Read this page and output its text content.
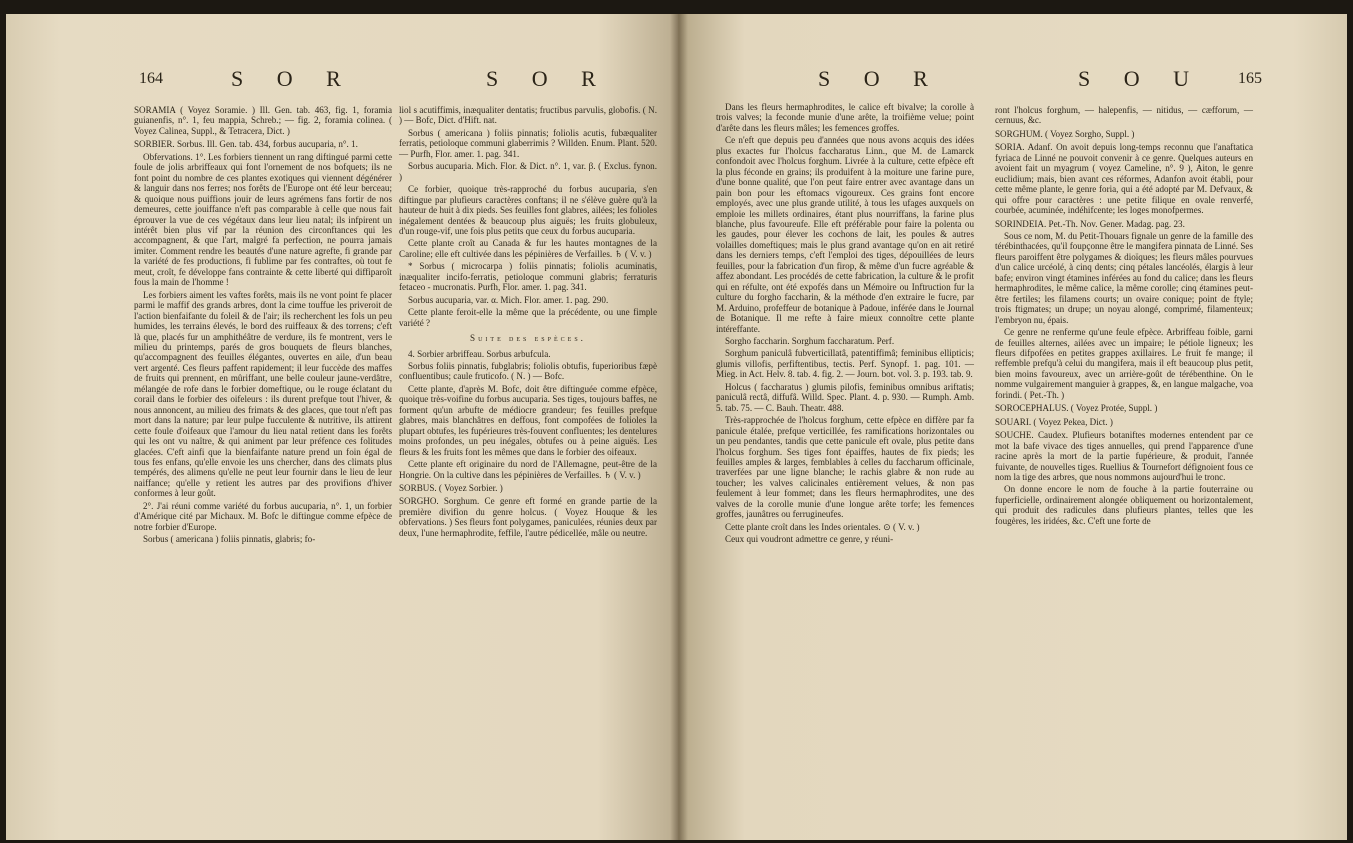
164	S O R	S O R

SORAMIA ( Voyez Soramie. ) Ill. Gen. tab. 463, fig. 1, foramia guianenfis, n°. 1, feu mappia, Schreb.; — fig. 2, foramia colinea. ( Voyez Calinea, Suppl., & Tetracera, Dict. )

SORBIER. Sorbus. Ill. Gen. tab. 434, forbus aucuparia, n°. 1.

Obfervations. 1°. Les forbiers tiennent un rang diftingué parmi cette foule de jolis arbriffeaux qui font l'ornement de nos bofquets; ils ne font point du nombre de ces plantes exotiques qui viennent dégénérer & languir dans nos ferres; nos forêts de l'Europe ont été leur berceau; & quoique nous puiffions jouir de leurs agrémens fans fortir de nos demeures, cette jouiffance n'eft pas comparable à celle que nous fait éprouver la vue de ces végétaux dans leur lieu natal; ils infpirent un intérêt bien plus vif par la réunion des circonftances qui les accompagnent, & que l'art, malgré fa perfection, ne pourra jamais imiter. Comment rendre les beautés d'une nature agrefte, fi grande par la variété de fes productions, fi fublime par fes contraftes, où tout fe meut, croît, fe développe fans contrainte & cette liberté qui diffiparoît fous la main de l'homme !

Les forbiers aiment les vaftes forêts, mais ils ne vont point fe placer parmi le maffif des grands arbres, dont la cime touffue les priveroit de l'action bienfaifante du foleil & de l'air; ils recherchent les fols un peu humides, les terrains élevés, le bord des ruiffeaux & des torrens; c'eft là que, placés fur un amphithéâtre de verdure, ils fe montrent, vers le milieu du printemps, parés de gros bouquets de fleurs blanches, qu'accompagnent des feuilles élégantes, ouvertes en aile, d'un beau vert argenté. Ces fleurs paffent rapidement; il leur fuccède des maffes de fruits qui prennent, en mûriffant, une belle couleur jaune-verdâtre, mélangée de rofe dans le forbier domeftique, ou le rouge éclatant du corail dans le forbier des oifeleurs : ils durent prefque tout l'hiver, & nous annoncent, au milieu des frimats & des glaces, que tout n'eft pas mort dans la nature; par leur pulpe fucculente & nutritive, ils attirent cette foule d'oifeaux que l'amour du lieu natal retient dans les forêts qui les ont vu naître, & qui animent par leur préfence ces folitudes glacées. C'eft ainfi que la bienfaifante nature prend un foin égal de tous fes enfans, qu'elle envoie les uns chercher, dans des climats plus tempérés, des alimens qu'elle ne peut leur fournir dans le lieu de leur naiffance; qu'elle y retient les autres par des provifions d'hiver conformes à leur goût.

2°. J'ai réuni comme variété du forbus aucuparia, n°. 1, un forbier d'Amérique cité par Michaux. M. Bofc le diftingue comme efpèce de notre forbier d'Europe.

Sorbus ( americana ) foliis pinnatis, glabris; fo-

liol s acutiffimis, inæqualiter dentatis; fructibus parvulis, globofis. ( N. ) — Bofc, Dict. d'Hift. nat.

Sorbus ( americana ) foliis pinnatis; foliolis acutis, fubæqualiter ferratis, petioloque communi glaberrimis ? Willden. Enum. Plant. 520. — Purfh, Flor. amer. 1. pag. 341.

Sorbus aucuparia. Mich. Flor. & Dict. n°. 1, var. β. ( Exclus. fynon. )

Ce forbier, quoique très-rapproché du forbus aucuparia, s'en diftingue par plufieurs caractères conftans; il ne s'élève guère qu'à la hauteur de huit à dix pieds. Ses feuilles font glabres, ailées; les folioles inégalement dentées & beaucoup plus aiguës; les fruits globuleux, d'un rouge-vif, une fois plus petits que ceux du forbus aucuparia.

Cette plante croît au Canada & fur les hautes montagnes de la Caroline; elle eft cultivée dans les pépinières de Verfailles. ♄ ( V. v. )

* Sorbus ( microcarpa ) foliis pinnatis; foliolis acuminatis, inæqualiter incifo-ferratis, petioloque communi glabris; ferraturis fetaceo - mucronatis. Purfh, Flor. amer. 1. pag. 341.

Sorbus aucuparia, var. α. Mich. Flor. amer. 1. pag. 290.

Cette plante feroit-elle la même que la précédente, ou une fimple variété ?

Suite des espèces.

4. Sorbier arbriffeau. Sorbus arbufcula.

Sorbus foliis pinnatis, fubglabris; foliolis obtufis, fuperioribus fæpè confluentibus; caule fruticofo. ( N. ) — Bofc.

Cette plante, d'après M. Bofc, doit être diftinguée comme efpèce, quoique très-voifine du forbus aucuparia. Ses tiges, toujours baffes, ne forment qu'un arbufte de médiocre grandeur; fes feuilles prefque glabres, mais blanchâtres en deffous, font compofées de folioles la plupart obtufes, les fupérieures très-fouvent confluentes; les dentelures moins profondes, un peu inégales, obtufes ou à peine aiguës. Les fleurs & les fruits font les mêmes que dans le forbier des oifeaux.

Cette plante eft originaire du nord de l'Allemagne, peut-être de la Hongrie. On la cultive dans les pépinières de Verfailles. ♄ ( V. v. )

SORBUS. ( Voyez Sorbier. )

SORGHO. Sorghum. Ce genre eft formé en grande partie de la première divifion du genre holcus. ( Voyez Houque & les obfervations. ) Ses fleurs font polygames, paniculées, réunies deux par deux, l'une hermaphrodite, feffile, l'autre pédicellée, mâle ou neutre.

S O R	S O U 165

Dans les fleurs hermaphrodites, le calice eft bivalve; la corolle à trois valves; la feconde munie d'une arête, la troifième velue; point d'arête dans les fleurs mâles; les femences groffes.

Ce n'eft que depuis peu d'années que nous avons acquis des idées plus exactes fur l'holcus faccharatus Linn., que M. de Lamarck confondoit avec l'holcus forghum. Livrée à la culture, cette efpèce eft la plus féconde en grains; ils produifent à la moiture une farine pure, d'une bonne qualité, que l'on peut faire entrer avec avantage dans un pain bon pour les eftomacs vigoureux. Ces grains font encore employés, avec une plus grande utilité, à tous les ufages auxquels on emploie les millets ordinaires, étant plus nourriffans, la farine plus blanche, plus favoureufe. Elle eft préférable pour faire la polenta ou les gaudes, pour élever les cochons de lait, les poules & autres volailles domeftiques; mais le plus grand avantage qu'on en ait retiré dans les derniers temps, c'eft l'emploi des tiges, dépouillées de leurs feuilles, pour la fabrication d'un firop, & même d'un fucre agréable & affez abondant. Les procédés de cette fabrication, la culture & le profit qui en réfulte, ont été expofés dans un Mémoire ou Inftruction fur la culture du forgho faccharin, & la méthode d'en extraire le fucre, par M. Arduino, profeffeur de botanique à Padoue, inférée dans le Journal de Botanique. Il me refte à faire mieux connoître cette plante intéreffante.

Sorgho faccharin. Sorghum faccharatum. Perf.

Sorghum paniculâ fubverticillatâ, patentiffimâ; feminibus ellipticis; glumis villofis, perfiftentibus, tectis. Perf. Synopf. 1. pag. 101. — Mieg. in Act. Helv. 8. tab. 4. fig. 2. — Journ. bot. vol. 3. p. 193. tab. 9.

Holcus ( faccharatus ) glumis pilofis, feminibus omnibus ariftatis; paniculâ rectâ, diffufâ. Willd. Spec. Plant. 4. p. 930. — Rumph. Amb. 5. tab. 75. — C. Bauh. Theatr. 488.

Très-rapprochée de l'holcus forghum, cette efpèce en diffère par fa panicule étalée, prefque verticillée, fes ramifications horizontales ou un peu pendantes, tandis que cette panicule eft ovale, plus petite dans l'holcus forghum. Ses tiges font épaiffes, hautes de fix pieds; les feuilles amples & larges, femblables à celles du faccharum officinale, traverfées par une ligne blanche; le rachis glabre & non rude au toucher; les valves calicinales entièrement velues, & non pas feulement à leur fommet; dans les fleurs hermaphrodites, une des valves de la corolle munie d'une longue arête torfe; les femences groffes, jaunâtres ou ferrugineufes.

Cette plante croît dans les Indes orientales. ⊙ ( V. v. )

Ceux qui voudront admettre ce genre, y réuni-

ront l'holcus forghum, — halepenfis, — nitidus, — cæfforum, — cernuus, &c.

SORGHUM. ( Voyez Sorgho, Suppl. )

SORIA. Adanf. On avoit depuis long-temps reconnu que l'anaftatica fyriaca de Linné ne pouvoit convenir à ce genre. Quelques auteurs en avoient fait un myagrum ( voyez Cameline, n°. 9 ), Aiton, le genre euclidium; mais, bien avant ces réformes, Adanfon avoit établi, pour cette même plante, le genre foria, qui a été adopté par M. Defvaux, & qui offre pour caractères : une petite filique en ovale renverfé, courbée, acuminée, indéhifcente; les loges monofpermes.

SORINDEIA. Pet.-Th. Nov. Gener. Madag. pag. 23.

Sous ce nom, M. du Petit-Thouars fignale un genre de la famille des térébinthacées, qu'il foupçonne être le mangifera pinnata de Linné. Ses fleurs paroiffent être polygames & dioïques; les fleurs mâles pourvues d'un calice urcéolé, à cinq dents; cinq pétales lancéolés, élargis à leur bafe; environ vingt étamines inférées au fond du calice; dans les fleurs hermaphrodites, le même calice, la même corolle; cinq étamines peut-être fertiles; les filamens courts; un ovaire conique; point de ftyle; trois ftigmates; un drupe; un noyau alongé, comprimé, filamenteux; l'embryon nu, épais.

Ce genre ne renferme qu'une feule efpèce. Arbriffeau foible, garni de feuilles alternes, ailées avec un impaire; le pétiole ligneux; les fleurs difpofées en petites grappes axillaires. Le fruit fe mange; il reffemble prefqu'à celui du mangifera, mais il eft beaucoup plus petit, bien moins favoureux, avec un arrière-goût de térébenthine. On le nomme vulgairement manguier à grappes, &, en langue malgache, voa forindi. ( Pet.-Th. )

SOROCEPHALUS. ( Voyez Protée, Suppl. )

SOUARI. ( Voyez Pekea, Dict. )

SOUCHE. Caudex. Plufieurs botaniftes modernes entendent par ce mot la bafe vivace des tiges annuelles, qui prend l'apparence d'une racine après la mort de la partie fupérieure, & produit, l'année fuivante, de nouvelles tiges. Ruellius & Tournefort défignoient fous ce nom la tige des arbres, que nous nommons aujourd'hui le tronc.

On donne encore le nom de fouche à la partie fouterraine ou fuperficielle, ordinairement alongée obliquement ou horizontalement, qui produit des radicules dans plufieurs plantes, telles que les fougères, les iridées, &c. C'eft une forte de
